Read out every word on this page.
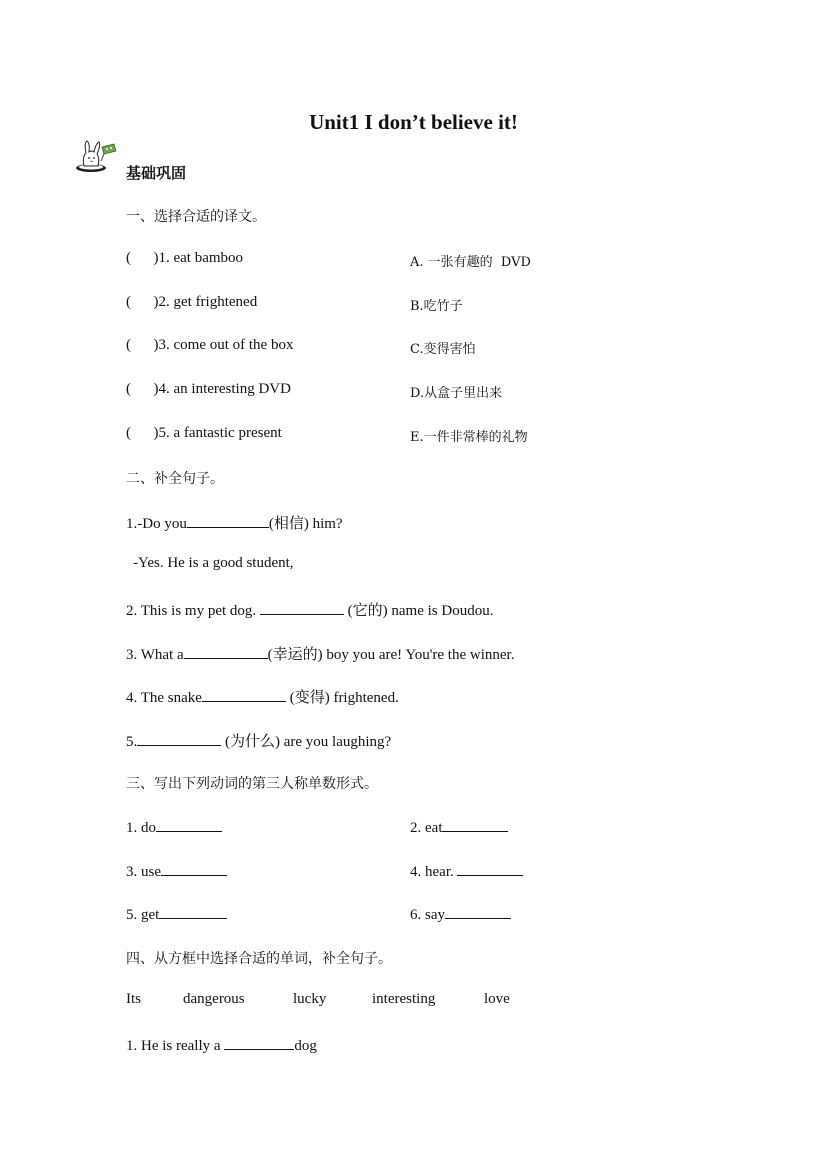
Unit1 I don’t believe it!
基础巩固
一、选择合适的译文。
(      )1. eat bamboo	A. 一张有趣的  DVD
(      )2. get frightened	B.吃竹子
(      )3. come out of the box	C.变得害怕
(      )4. an interesting DVD	D.从盒子里出来
(      )5. a fantastic present	E.一件非常棒的礼物
二、补全句子。
1.-Do you	(相信) him?
-Yes. He is a good student,
2. This is my pet dog.	(它的) name is Doudou.
3. What a	(幸运的) boy you are! You're the winner.
4. The snake	(变得) frightened.
5.	(为什么) are you laughing?
三、写出下列动词的第三人称单数形式。
1. do	2. eat
3. use	4. hear.
5. get	6. say
四、从方框中选择合适的单词，补全句子。

Its

	dangerous

	lucky

	interesting

	love

1. He is really a	dog
